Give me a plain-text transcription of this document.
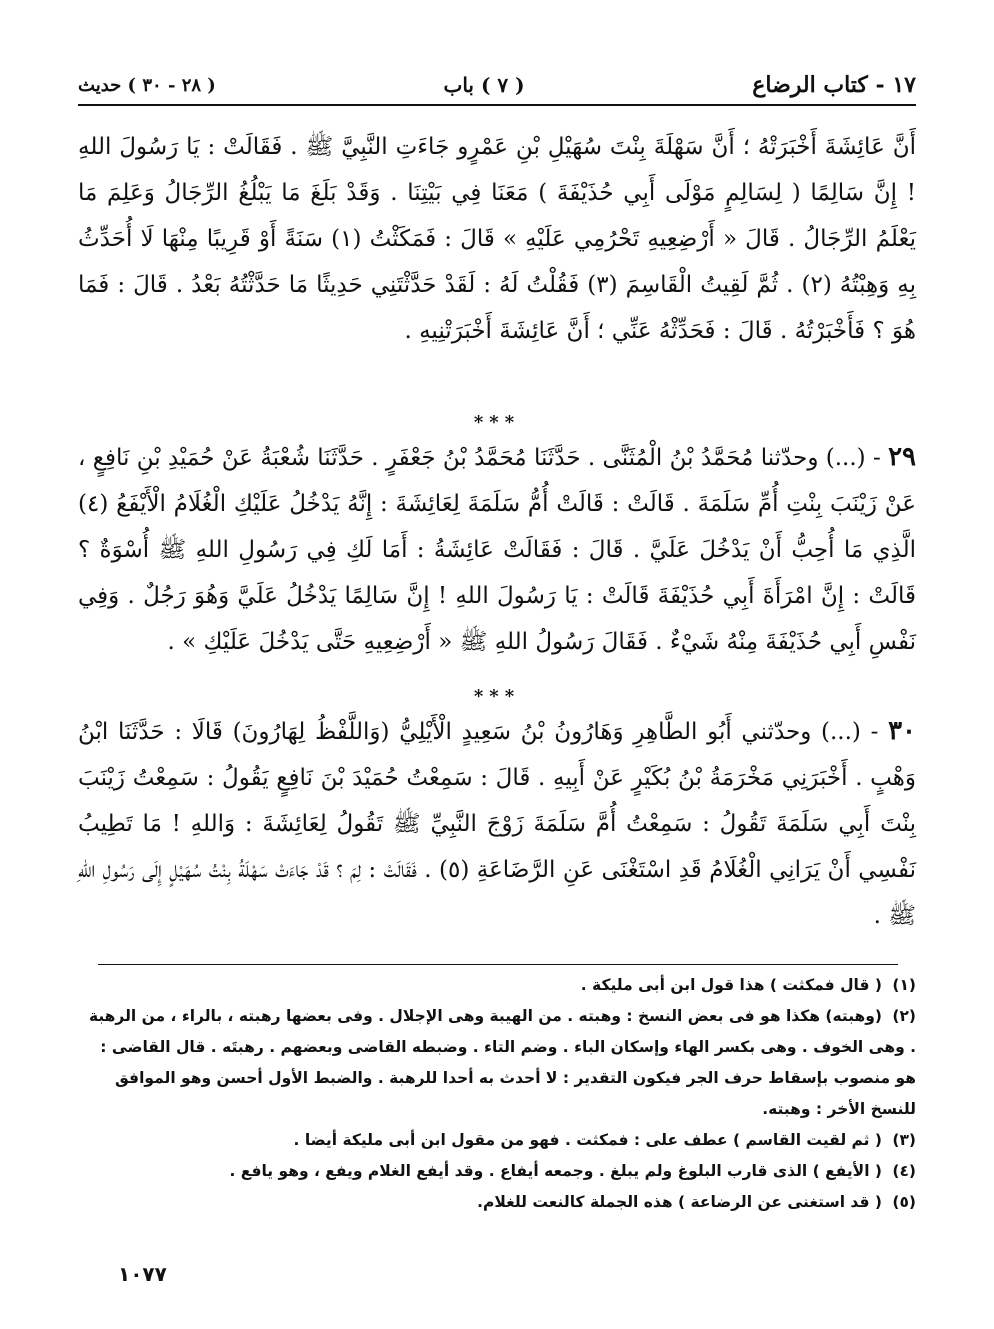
١٧ - كتاب الرضاع
( ٧ ) باب
( ٢٨ - ٣٠ ) حديث

أَنَّ عَائِشَةَ أَخْبَرَتْهُ ؛ أَنَّ سَهْلَةَ بِنْتَ سُهَيْلِ بْنِ عَمْرٍو جَاءَتِ النَّبِيَّ ﷺ . فَقَالَتْ : يَا رَسُولَ اللهِ ! إِنَّ سَالِمًا ( لِسَالِمٍ مَوْلَى أَبِي حُذَيْفَةَ ) مَعَنَا فِي بَيْتِنَا . وَقَدْ بَلَغَ مَا يَبْلُغُ الرِّجَالُ وَعَلِمَ مَا يَعْلَمُ الرِّجَالُ . قَالَ « أَرْضِعِيهِ تَحْرُمِي عَلَيْهِ » قَالَ : فَمَكَثْتُ (١) سَنَةً أَوْ قَرِيبًا مِنْهَا لَا أُحَدِّثُ بِهِ وَهِبْتُهُ (٢) . ثُمَّ لَقِيتُ الْقَاسِمَ (٣) فَقُلْتُ لَهُ : لَقَدْ حَدَّثْتَنِي حَدِيثًا مَا حَدَّثْتُهُ بَعْدُ . قَالَ : فَمَا هُوَ ؟ فَأَخْبَرْتُهُ . قَالَ : فَحَدِّثْهُ عَنِّي ؛ أَنَّ عَائِشَةَ أَخْبَرَتْنِيهِ .

***

٢٩ - (...) وحدّثنا مُحَمَّدُ بْنُ الْمُثَنَّى . حَدَّثَنَا مُحَمَّدُ بْنُ جَعْفَرٍ . حَدَّثَنَا شُعْبَةُ عَنْ حُمَيْدِ بْنِ نَافِعٍ ، عَنْ زَيْنَبَ بِنْتِ أُمِّ سَلَمَةَ . قَالَتْ : قَالَتْ أُمُّ سَلَمَةَ لِعَائِشَةَ : إِنَّهُ يَدْخُلُ عَلَيْكِ الْغُلَامُ الْأَيْفَعُ (٤) الَّذِي مَا أُحِبُّ أَنْ يَدْخُلَ عَلَيَّ . قَالَ : فَقَالَتْ عَائِشَةُ : أَمَا لَكِ فِي رَسُولِ اللهِ ﷺ أُسْوَةٌ ؟ قَالَتْ : إِنَّ امْرَأَةَ أَبِي حُذَيْفَةَ قَالَتْ : يَا رَسُولَ اللهِ ! إِنَّ سَالِمًا يَدْخُلُ عَلَيَّ وَهُوَ رَجُلٌ . وَفِي نَفْسِ أَبِي حُذَيْفَةَ مِنْهُ شَيْءٌ . فَقَالَ رَسُولُ اللهِ ﷺ « أَرْضِعِيهِ حَتَّى يَدْخُلَ عَلَيْكِ » .

***

٣٠ - (...) وحدّثني أَبُو الطَّاهِرِ وَهَارُونُ بْنُ سَعِيدٍ الْأَيْلِيُّ (وَاللَّفْظُ لِهَارُونَ) قَالَا : حَدَّثَنَا ابْنُ وَهْبٍ . أَخْبَرَنِي مَخْرَمَةُ بْنُ بُكَيْرٍ عَنْ أَبِيهِ . قَالَ : سَمِعْتُ حُمَيْدَ بْنَ نَافِعٍ يَقُولُ : سَمِعْتُ زَيْنَبَ بِنْتَ أَبِي سَلَمَةَ تَقُولُ : سَمِعْتُ أُمَّ سَلَمَةَ زَوْجَ النَّبِيِّ ﷺ تَقُولُ لِعَائِشَةَ : وَاللهِ ! مَا تَطِيبُ نَفْسِي أَنْ يَرَانِي الْغُلَامُ قَدِ اسْتَغْنَى عَنِ الرَّضَاعَةِ (٥) . فَقَالَتْ : لِمَ ؟ قَدْ جَاءَتْ سَهْلَةُ بِنْتُ سُهَيْلٍ إِلَى رَسُولِ اللهِ ﷺ .

(١)( قال فمكثت ) هذا قول ابن أبى مليكة .

(٢)(وهبته) هكذا هو فى بعض النسخ : وهبته . من الهيبة وهى الإجلال . وفى بعضها رهبته ، بالراء ، من الرهبة . وهى الخوف . وهى بكسر الهاء وإسكان الباء . وضم التاء . وضبطه القاضى وبعضهم . رهبتَه . قال القاضى : هو منصوب بإسقاط حرف الجر فيكون التقدير : لا أحدث به أحدا للرهبة . والضبط الأول أحسن وهو الموافق للنسخ الأخر : وهبته.

(٣)( ثم لقيت القاسم ) عطف على : فمكثت . فهو من مقول ابن أبى مليكة أيضا .

(٤)( الأيفع ) الذى قارب البلوغ ولم يبلغ . وجمعه أيفاع . وقد أيفع الغلام ويفع ، وهو يافع .

(٥)( قد استغنى عن الرضاعة ) هذه الجملة كالنعت للغلام.

١٠٧٧
